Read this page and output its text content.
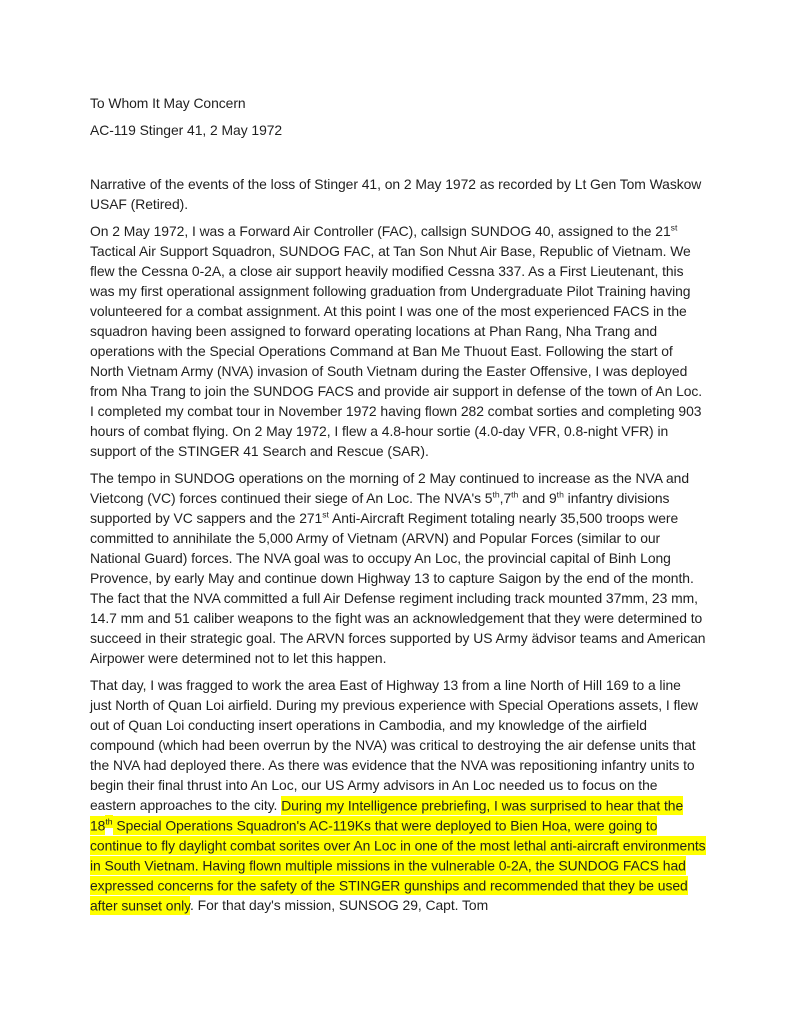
To Whom It May Concern

AC-119 Stinger 41, 2 May 1972

Narrative of the events of the loss of Stinger 41, on 2 May 1972 as recorded by Lt Gen Tom Waskow USAF (Retired).

On 2 May 1972, I was a Forward Air Controller (FAC), callsign SUNDOG 40, assigned to the 21st Tactical Air Support Squadron, SUNDOG FAC, at Tan Son Nhut Air Base, Republic of Vietnam. We flew the Cessna 0-2A, a close air support heavily modified Cessna 337. As a First Lieutenant, this was my first operational assignment following graduation from Undergraduate Pilot Training having volunteered for a combat assignment. At this point I was one of the most experienced FACS in the squadron having been assigned to forward operating locations at Phan Rang, Nha Trang and operations with the Special Operations Command at Ban Me Thuout East. Following the start of North Vietnam Army (NVA) invasion of South Vietnam during the Easter Offensive, I was deployed from Nha Trang to join the SUNDOG FACS and provide air support in defense of the town of An Loc. I completed my combat tour in November 1972 having flown 282 combat sorties and completing 903 hours of combat flying. On 2 May 1972, I flew a 4.8-hour sortie (4.0-day VFR, 0.8-night VFR) in support of the STINGER 41 Search and Rescue (SAR).

The tempo in SUNDOG operations on the morning of 2 May continued to increase as the NVA and Vietcong (VC) forces continued their siege of An Loc. The NVA's 5th,7th and 9th infantry divisions supported by VC sappers and the 271st Anti-Aircraft Regiment totaling nearly 35,500 troops were committed to annihilate the 5,000 Army of Vietnam (ARVN) and Popular Forces (similar to our National Guard) forces. The NVA goal was to occupy An Loc, the provincial capital of Binh Long Provence, by early May and continue down Highway 13 to capture Saigon by the end of the month. The fact that the NVA committed a full Air Defense regiment including track mounted 37mm, 23 mm, 14.7 mm and 51 caliber weapons to the fight was an acknowledgement that they were determined to succeed in their strategic goal. The ARVN forces supported by US Army ädvisor teams and American Airpower were determined not to let this happen.

That day, I was fragged to work the area East of Highway 13 from a line North of Hill 169 to a line just North of Quan Loi airfield. During my previous experience with Special Operations assets, I flew out of Quan Loi conducting insert operations in Cambodia, and my knowledge of the airfield compound (which had been overrun by the NVA) was critical to destroying the air defense units that the NVA had deployed there. As there was evidence that the NVA was repositioning infantry units to begin their final thrust into An Loc, our US Army advisors in An Loc needed us to focus on the eastern approaches to the city. During my Intelligence prebriefing, I was surprised to hear that the 18th Special Operations Squadron's AC-119Ks that were deployed to Bien Hoa, were going to continue to fly daylight combat sorites over An Loc in one of the most lethal anti-aircraft environments in South Vietnam. Having flown multiple missions in the vulnerable 0-2A, the SUNDOG FACS had expressed concerns for the safety of the STINGER gunships and recommended that they be used after sunset only. For that day's mission, SUNSOG 29, Capt. Tom
